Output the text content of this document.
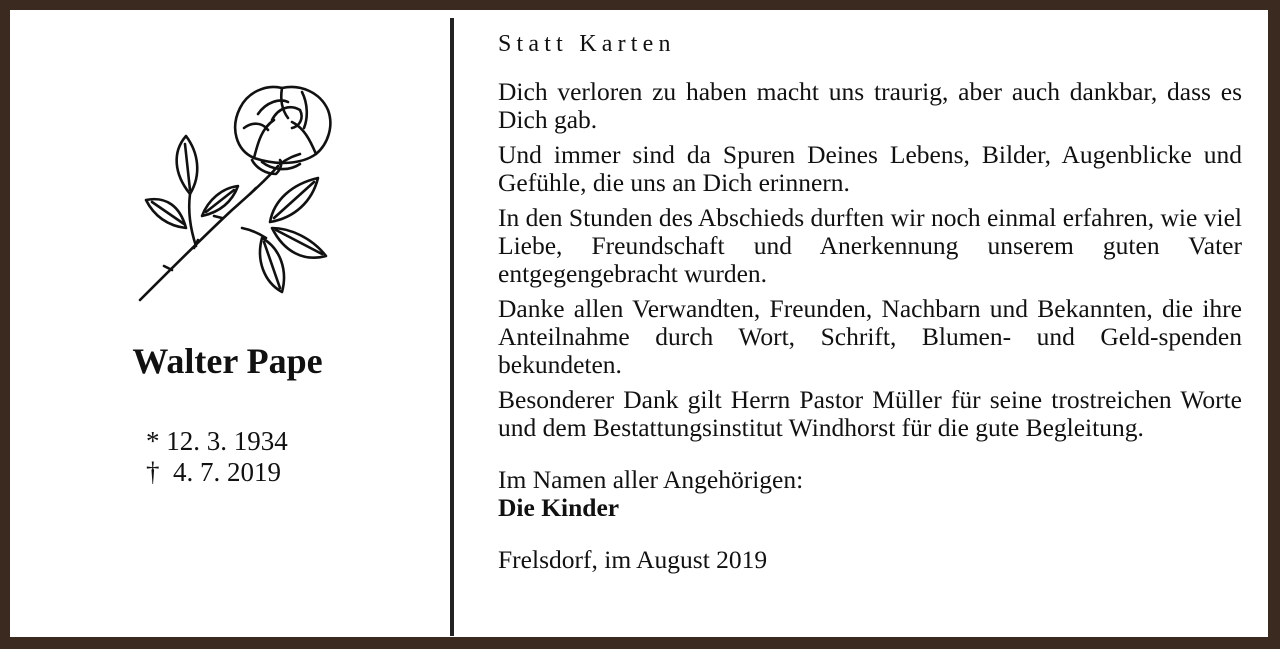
Walter Pape
* 12. 3. 1934
†  4. 7. 2019
Statt Karten
Dich verloren zu haben macht uns traurig, aber auch dankbar, dass es Dich gab.
Und immer sind da Spuren Deines Lebens, Bilder, Augenblicke und Gefühle, die uns an Dich erinnern.
In den Stunden des Abschieds durften wir noch einmal erfahren, wie viel Liebe, Freundschaft und Anerkennung unserem guten Vater entgegengebracht wurden.
Danke allen Verwandten, Freunden, Nachbarn und Bekannten, die ihre Anteilnahme durch Wort, Schrift, Blumen- und Geld-spenden bekundeten.
Besonderer Dank gilt Herrn Pastor Müller für seine trostreichen Worte und dem Bestattungsinstitut Windhorst für die gute Begleitung.
Im Namen aller Angehörigen:
Die Kinder
Frelsdorf, im August 2019
